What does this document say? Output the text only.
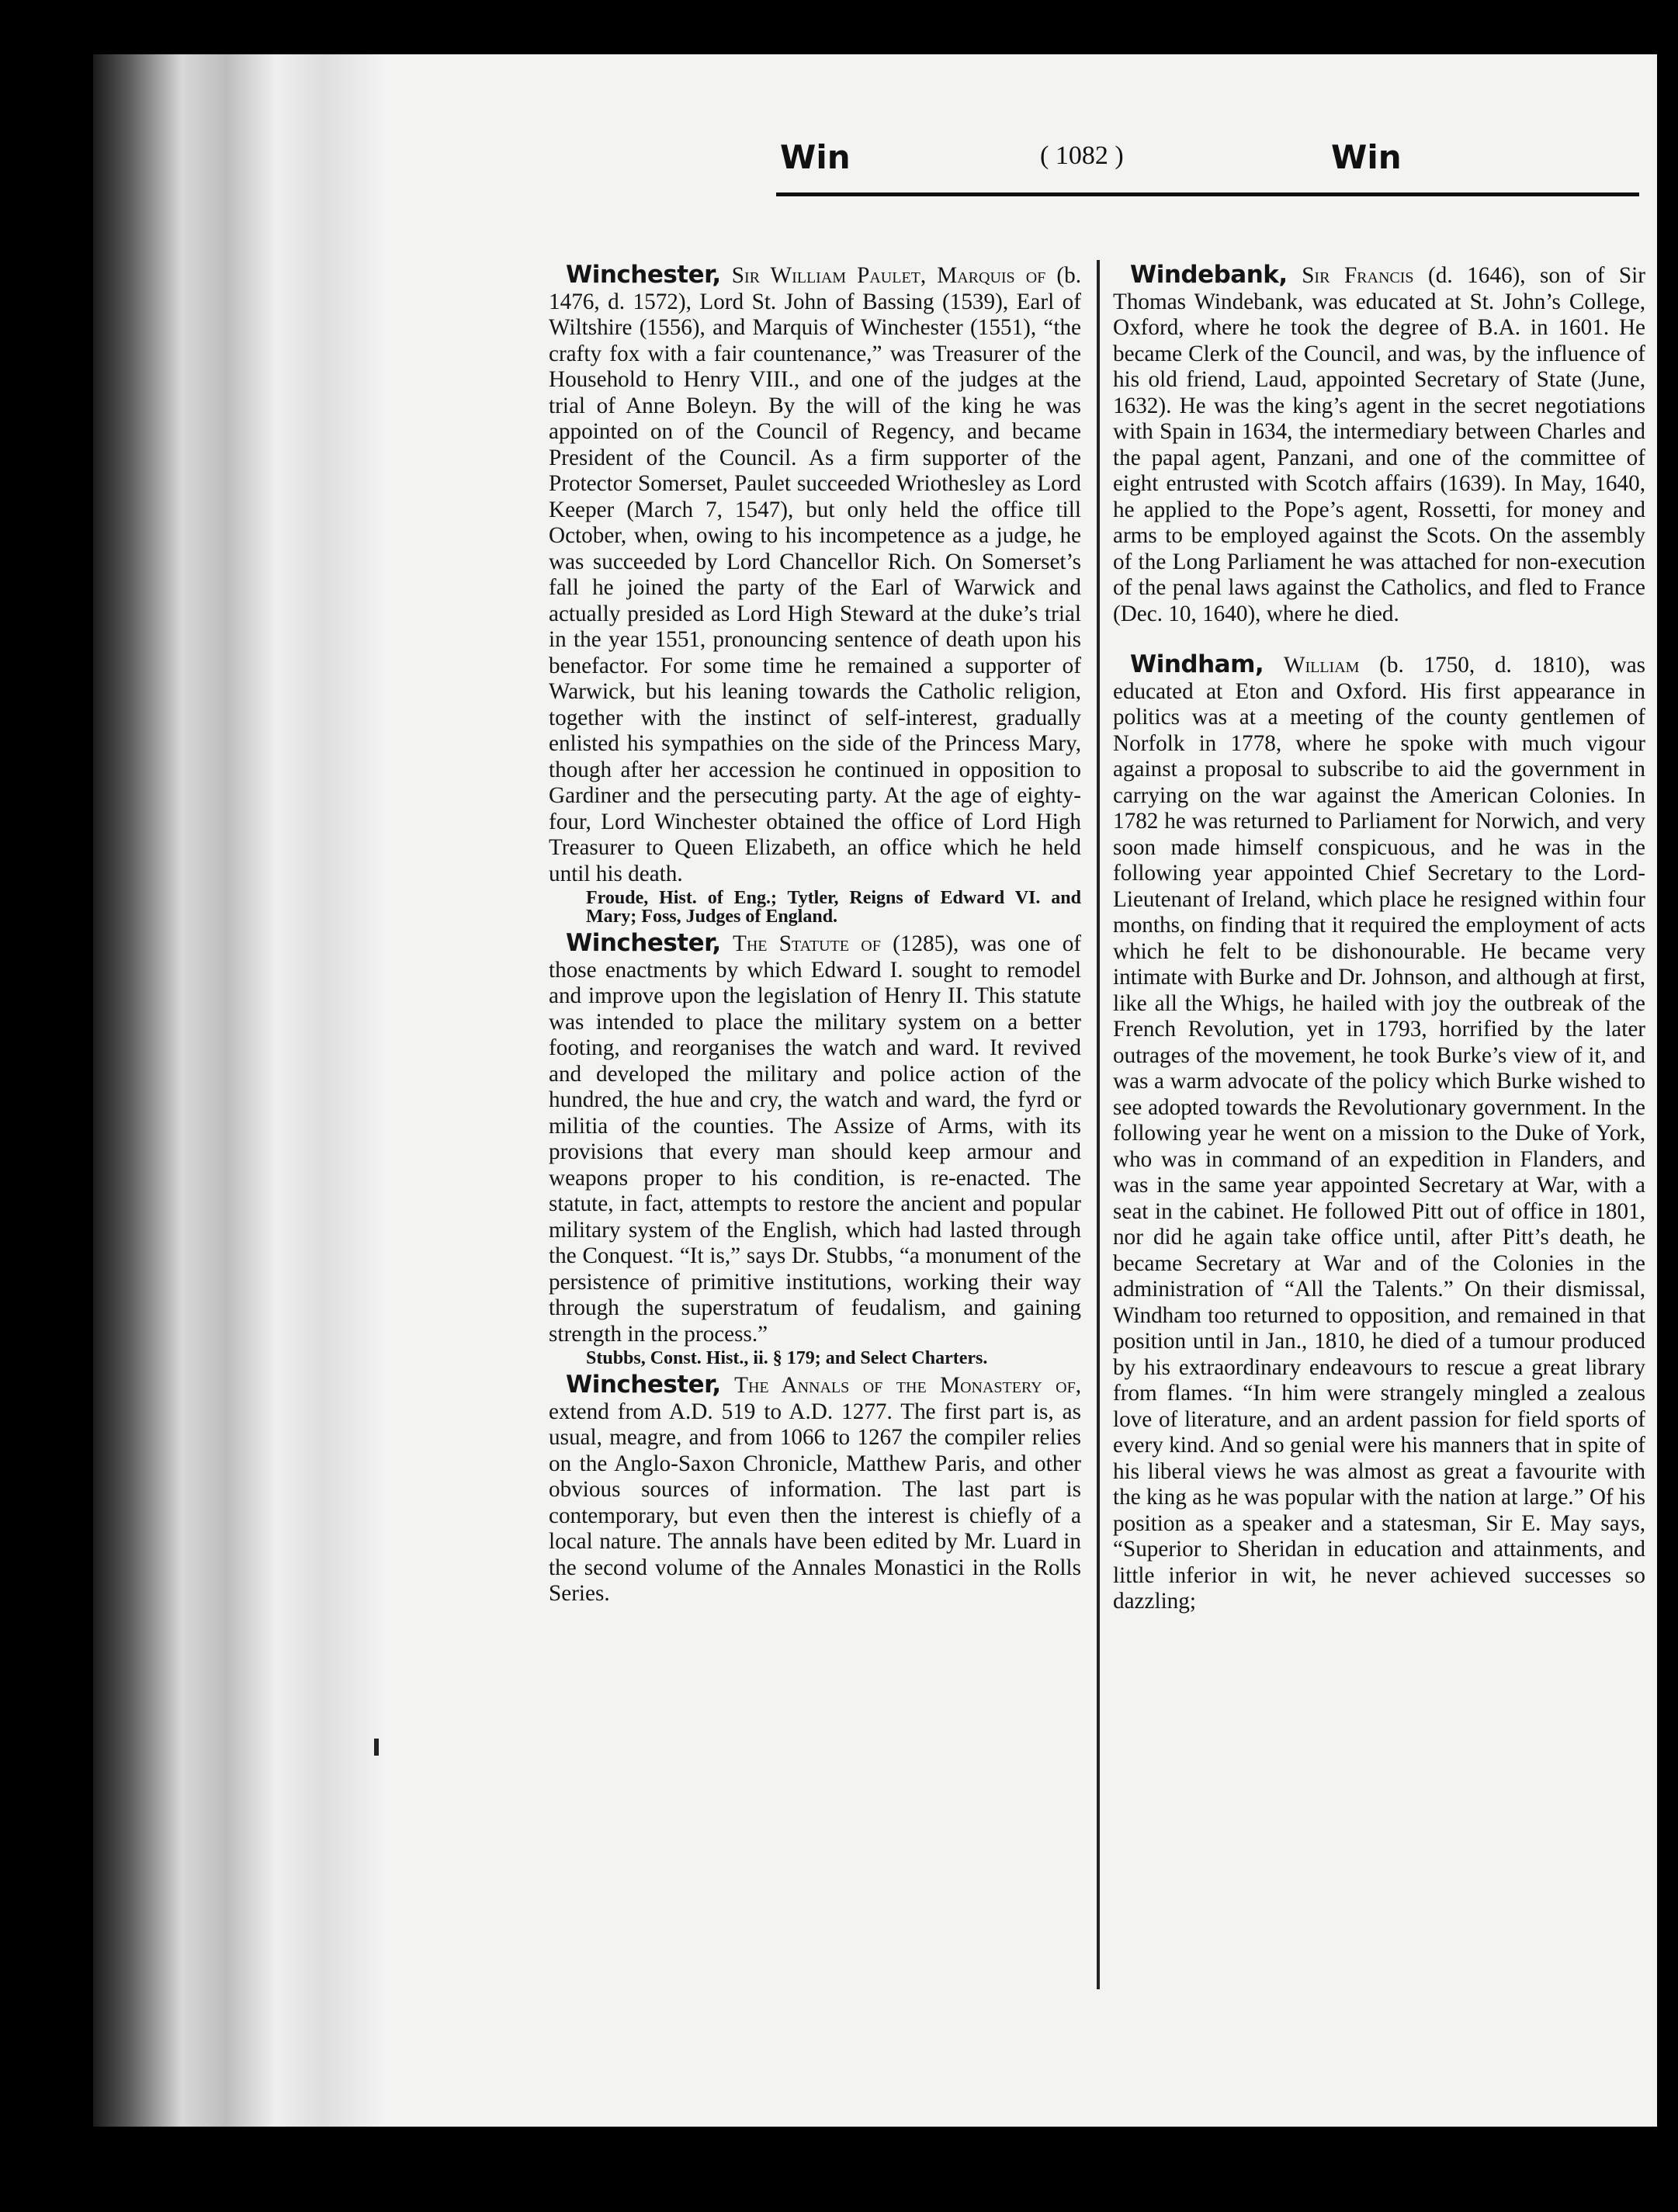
Win	( 1082 )	Win

Winchester, Sir William Paulet, Marquis of (b. 1476, d. 1572), Lord St. John of Bassing (1539), Earl of Wiltshire (1556), and Marquis of Winchester (1551), “the crafty fox with a fair countenance,” was Treasurer of the Household to Henry VIII., and one of the judges at the trial of Anne Boleyn. By the will of the king he was appointed on of the Council of Regency, and became President of the Council. As a firm supporter of the Protector Somerset, Paulet succeeded Wriothesley as Lord Keeper (March 7, 1547), but only held the office till October, when, owing to his incompetence as a judge, he was succeeded by Lord Chancellor Rich. On Somerset’s fall he joined the party of the Earl of Warwick and actually presided as Lord High Steward at the duke’s trial in the year 1551, pronouncing sentence of death upon his benefactor. For some time he remained a supporter of Warwick, but his leaning towards the Catholic religion, together with the instinct of self-interest, gradually enlisted his sympathies on the side of the Princess Mary, though after her accession he continued in opposition to Gardiner and the persecuting party. At the age of eighty-four, Lord Winchester obtained the office of Lord High Treasurer to Queen Elizabeth, an office which he held until his death.

Froude, Hist. of Eng.; Tytler, Reigns of Edward VI. and Mary; Foss, Judges of England.

Winchester, The Statute of (1285), was one of those enactments by which Edward I. sought to remodel and improve upon the legislation of Henry II. This statute was intended to place the military system on a better footing, and reorganises the watch and ward. It revived and developed the military and police action of the hundred, the hue and cry, the watch and ward, the fyrd or militia of the counties. The Assize of Arms, with its provisions that every man should keep armour and weapons proper to his condition, is re-enacted. The statute, in fact, attempts to restore the ancient and popular military system of the English, which had lasted through the Conquest. “It is,” says Dr. Stubbs, “a monument of the persistence of primitive institutions, working their way through the superstratum of feudalism, and gaining strength in the process.”

Stubbs, Const. Hist., ii. § 179; and Select Charters.

Winchester, The Annals of the Monastery of, extend from A.D. 519 to A.D. 1277. The first part is, as usual, meagre, and from 1066 to 1267 the compiler relies on the Anglo-Saxon Chronicle, Matthew Paris, and other obvious sources of information. The last part is contemporary, but even then the interest is chiefly of a local nature. The annals have been edited by Mr. Luard in the second volume of the Annales Monastici in the Rolls Series.

Windebank, Sir Francis (d. 1646), son of Sir Thomas Windebank, was educated at St. John’s College, Oxford, where he took the degree of B.A. in 1601. He became Clerk of the Council, and was, by the influence of his old friend, Laud, appointed Secretary of State (June, 1632). He was the king’s agent in the secret negotiations with Spain in 1634, the intermediary between Charles and the papal agent, Panzani, and one of the committee of eight entrusted with Scotch affairs (1639). In May, 1640, he applied to the Pope’s agent, Rossetti, for money and arms to be employed against the Scots. On the assembly of the Long Parliament he was attached for non-execution of the penal laws against the Catholics, and fled to France (Dec. 10, 1640), where he died.

Windham, William (b. 1750, d. 1810), was educated at Eton and Oxford. His first appearance in politics was at a meeting of the county gentlemen of Norfolk in 1778, where he spoke with much vigour against a proposal to subscribe to aid the government in carrying on the war against the American Colonies. In 1782 he was returned to Parliament for Norwich, and very soon made himself conspicuous, and he was in the following year appointed Chief Secretary to the Lord-Lieutenant of Ireland, which place he resigned within four months, on finding that it required the employment of acts which he felt to be dishonourable. He became very intimate with Burke and Dr. Johnson, and although at first, like all the Whigs, he hailed with joy the outbreak of the French Revolution, yet in 1793, horrified by the later outrages of the movement, he took Burke’s view of it, and was a warm advocate of the policy which Burke wished to see adopted towards the Revolutionary government. In the following year he went on a mission to the Duke of York, who was in command of an expedition in Flanders, and was in the same year appointed Secretary at War, with a seat in the cabinet. He followed Pitt out of office in 1801, nor did he again take office until, after Pitt’s death, he became Secretary at War and of the Colonies in the administration of “All the Talents.” On their dismissal, Windham too returned to opposition, and remained in that position until in Jan., 1810, he died of a tumour produced by his extraordinary endeavours to rescue a great library from flames. “In him were strangely mingled a zealous love of literature, and an ardent passion for field sports of every kind. And so genial were his manners that in spite of his liberal views he was almost as great a favourite with the king as he was popular with the nation at large.” Of his position as a speaker and a statesman, Sir E. May says, “Superior to Sheridan in education and attainments, and little inferior in wit, he never achieved successes so dazzling;
